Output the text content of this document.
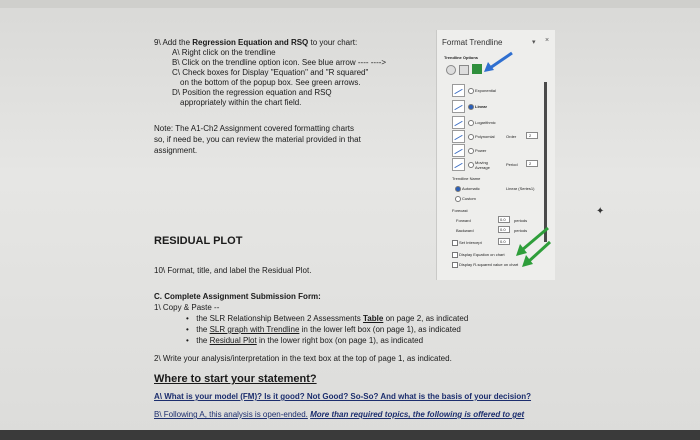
9\ Add the Regression Equation and RSQ to your chart:
A\ Right click on the trendline
B\ Click on the trendline option icon. See blue arrow ---- ---->
C\ Check boxes for Display "Equation" and "R squared"
on the bottom of the popup box. See green arrows.
D\ Position the regression equation and RSQ
appropriately within the chart field.
Note: The A1-Ch2 Assignment covered formatting charts
so, if need be, you can review the material provided in that
assignment.
RESIDUAL PLOT
10\ Format, title, and label the Residual Plot.
C. Complete Assignment Submission Form:
1\ Copy & Paste --
• the SLR Relationship Between 2 Assessments Table on page 2, as indicated
• the SLR graph with Trendline in the lower left box (on page 1), as indicated
• the Residual Plot in the lower right box (on page 1), as indicated
2\ Write your analysis/interpretation in the text box at the top of page 1, as indicated.
Where to start your statement?
A\ What is your model (FM)? Is it good? Not Good? So-So? And what is the basis of your decision?
B\ Following A, this analysis is open-ended. More than required topics, the following is offered to get
Format Trendline	▾ ×
Trendline Options
Exponential
Linear
Logarithmic
Polynomial	Order	2
Power
Moving Average
Period	2
Trendline Name
Automatic	Linear (Series1)
Custom
Forecast
Forward	0.0 periods
Backward	0.0 periods
Set Intercept	0.0
Display Equation on chart
Display R-squared value on chart
✦
